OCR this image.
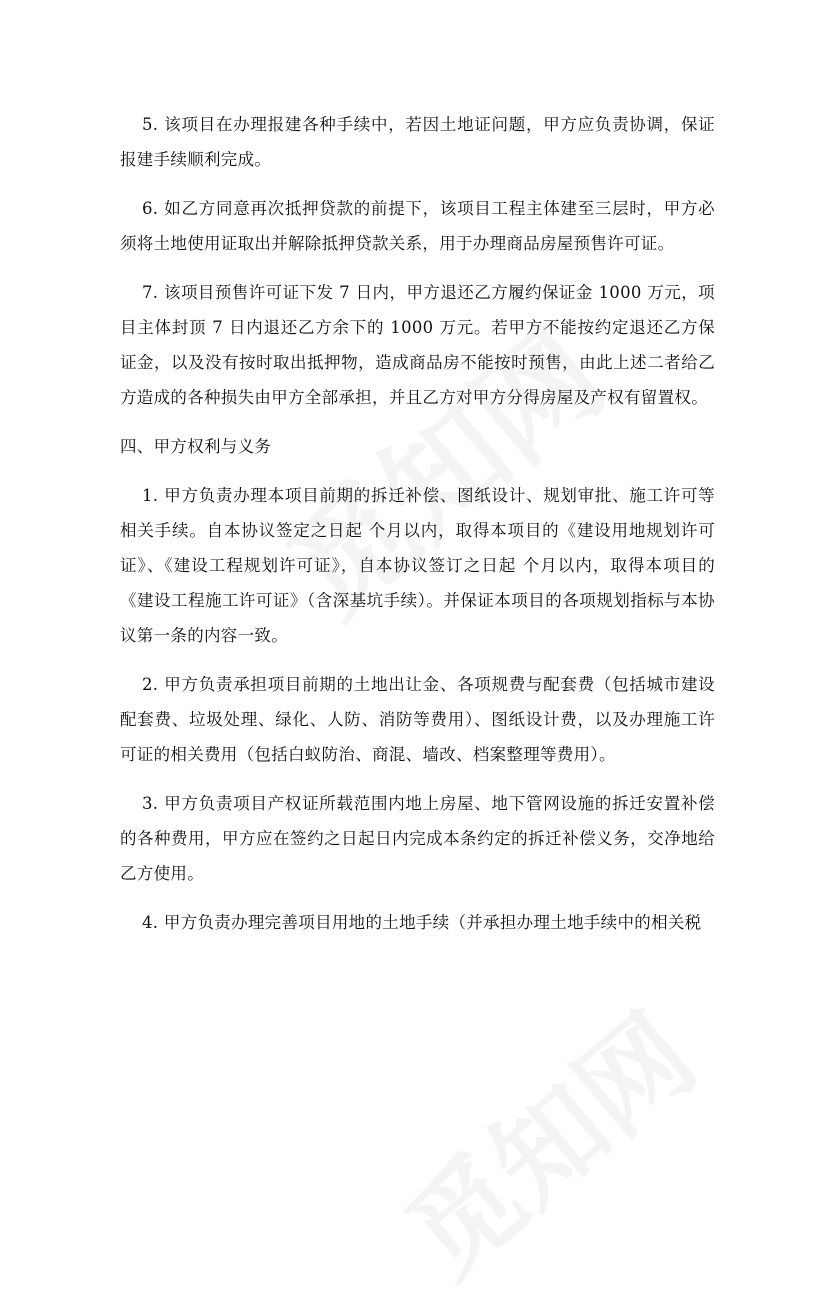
5. 该项目在办理报建各种手续中，若因土地证问题，甲方应负责协调，保证报建手续顺利完成。

6. 如乙方同意再次抵押贷款的前提下，该项目工程主体建至三层时，甲方必须将土地使用证取出并解除抵押贷款关系，用于办理商品房屋预售许可证。

7. 该项目预售许可证下发 7 日内，甲方退还乙方履约保证金 1000 万元，项目主体封顶 7 日内退还乙方余下的 1000 万元。若甲方不能按约定退还乙方保证金，以及没有按时取出抵押物，造成商品房不能按时预售，由此上述二者给乙方造成的各种损失由甲方全部承担，并且乙方对甲方分得房屋及产权有留置权。

四、甲方权利与义务

1. 甲方负责办理本项目前期的拆迁补偿、图纸设计、规划审批、施工许可等相关手续。自本协议签定之日起 个月以内，取得本项目的《建设用地规划许可证》、《建设工程规划许可证》，自本协议签订之日起 个月以内，取得本项目的《建设工程施工许可证》（含深基坑手续）。并保证本项目的各项规划指标与本协议第一条的内容一致。

2. 甲方负责承担项目前期的土地出让金、各项规费与配套费（包括城市建设配套费、垃圾处理、绿化、人防、消防等费用）、图纸设计费，以及办理施工许可证的相关费用（包括白蚁防治、商混、墙改、档案整理等费用）。

3. 甲方负责项目产权证所载范围内地上房屋、地下管网设施的拆迁安置补偿的各种费用，甲方应在签约之日起日内完成本条约定的拆迁补偿义务，交净地给乙方使用。

4. 甲方负责办理完善项目用地的土地手续（并承担办理土地手续中的相关税
